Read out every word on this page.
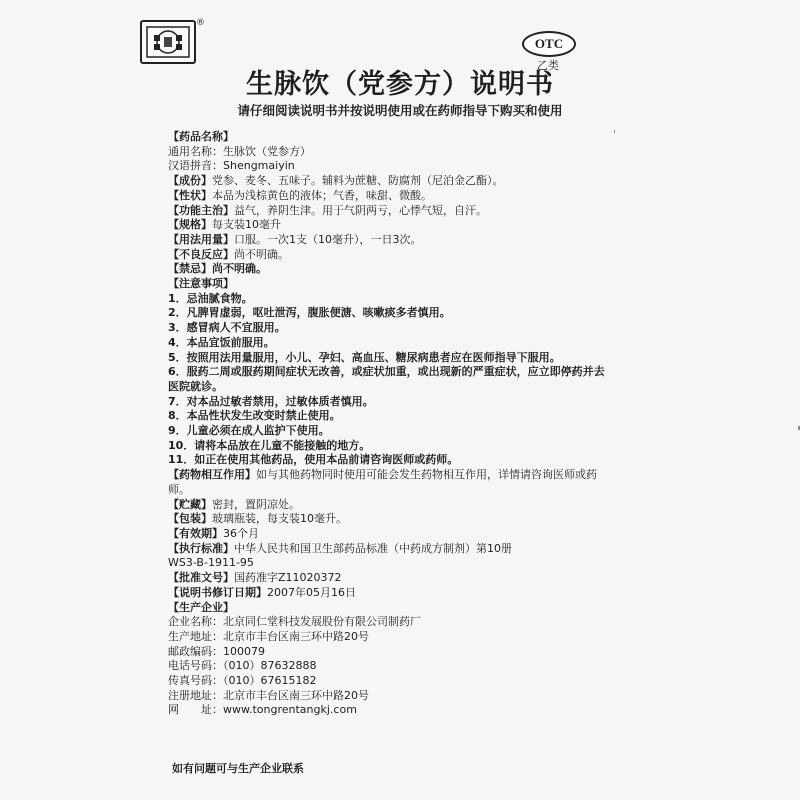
®
OTC
乙类
生脉饮（党参方）说明书
请仔细阅读说明书并按说明使用或在药师指导下购买和使用
【药品名称】
通用名称：生脉饮（党参方）
汉语拼音：Shengmaiyin
【成份】党参、麦冬、五味子。辅料为蔗糖、防腐剂（尼泊金乙酯）。
【性状】本品为浅棕黄色的液体；气香，味甜、微酸。
【功能主治】益气，养阴生津。用于气阴两亏，心悸气短，自汗。
【规格】每支装10毫升
【用法用量】口服。一次1支（10毫升），一日3次。
【不良反应】尚不明确。
【禁忌】尚不明确。
【注意事项】
1．忌油腻食物。
2．凡脾胃虚弱，呕吐泄泻，腹胀便溏、咳嗽痰多者慎用。
3．感冒病人不宜服用。
4．本品宜饭前服用。
5．按照用法用量服用，小儿、孕妇、高血压、糖尿病患者应在医师指导下服用。
6．服药二周或服药期间症状无改善，或症状加重，或出现新的严重症状，应立即停药并去医院就诊。
7．对本品过敏者禁用，过敏体质者慎用。
8．本品性状发生改变时禁止使用。
9．儿童必须在成人监护下使用。
10．请将本品放在儿童不能接触的地方。
11．如正在使用其他药品，使用本品前请咨询医师或药师。
【药物相互作用】如与其他药物同时使用可能会发生药物相互作用，详情请咨询医师或药师。
【贮藏】密封，置阴凉处。
【包装】玻璃瓶装，每支装10毫升。
【有效期】36个月
【执行标准】中华人民共和国卫生部药品标准（中药成方制剂）第10册
WS3-B-1911-95
【批准文号】国药准字Z11020372
【说明书修订日期】2007年05月16日
【生产企业】
企业名称：北京同仁堂科技发展股份有限公司制药厂
生产地址：北京市丰台区南三环中路20号
邮政编码：100079
电话号码：（010）87632888
传真号码：（010）67615182
注册地址：北京市丰台区南三环中路20号
网　　址：www.tongrentangkj.com
如有问题可与生产企业联系
